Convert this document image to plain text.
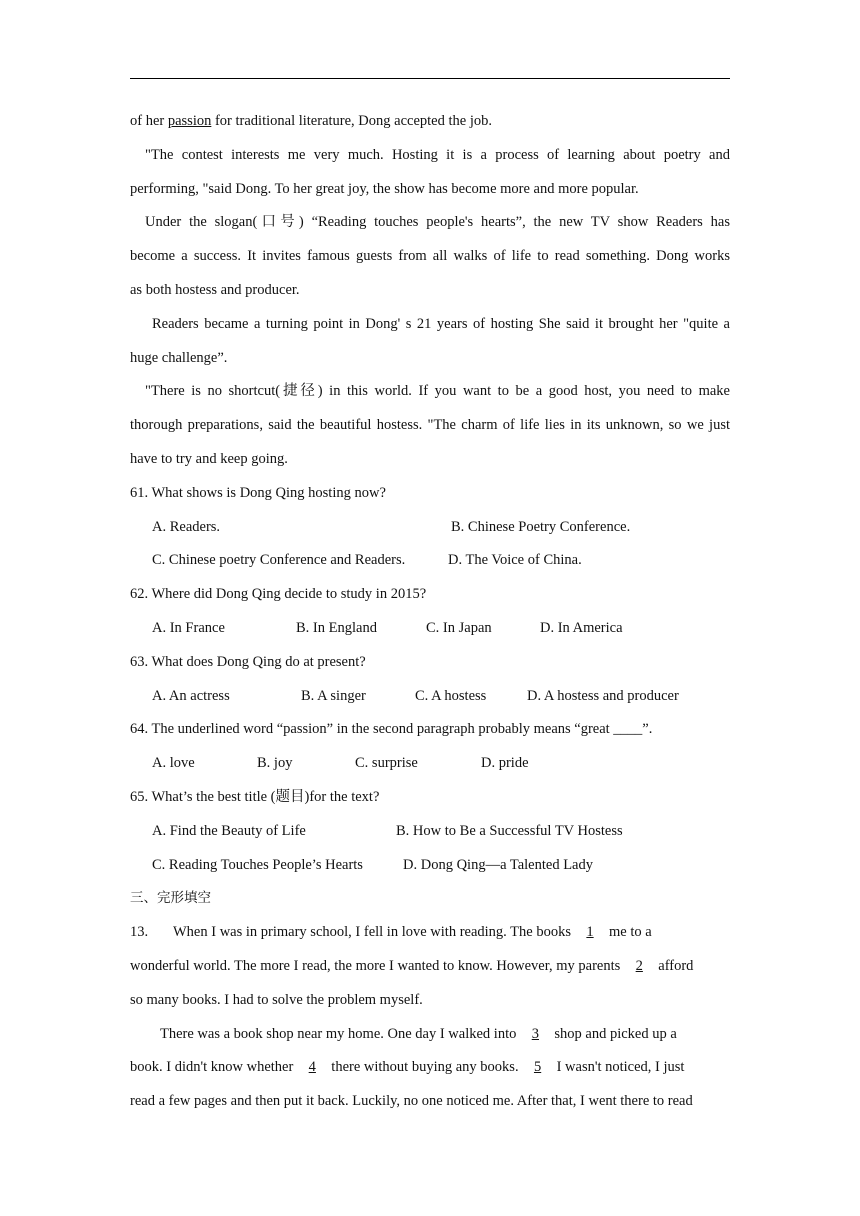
of her passion for traditional literature, Dong accepted the job.
"The contest interests me very much. Hosting it is a process of learning about poetry and
performing, "said Dong. To her great joy, the show has become more and more popular.
Under the slogan(口号) “Reading touches people's hearts”, the new TV show Readers has
become a success. It invites famous guests from all walks of life to read something. Dong works
as both hostess and producer.
Readers became a turning point in Dong' s 21 years of hosting She said it brought her "quite a
huge challenge”.
"There is no shortcut(捷径) in this world. If you want to be a good host, you need to make
thorough preparations, said the beautiful hostess. "The charm of life lies in its unknown, so we just
have to try and keep going.
61. What shows is Dong Qing hosting now?
A. Readers.	B. Chinese Poetry Conference.
C. Chinese poetry Conference and Readers.	D. The Voice of China.
62. Where did Dong Qing decide to study in 2015?
A. In France	B. In England	C. In Japan	D. In America
63. What does Dong Qing do at present?
A. An actress	B. A singer	C. A hostess	D. A hostess and producer
64. The underlined word “passion” in the second paragraph probably means “great ____”.
A. love	B. joy	C. surprise	D. pride
65. What’s the best title (题目)for the text?
A. Find the Beauty of Life	B. How to Be a Successful TV Hostess
C. Reading Touches People’s Hearts	D. Dong Qing—a Talented Lady
三、完形填空
13. When I was in primary school, I fell in love with reading. The books 1 me to a
wonderful world. The more I read, the more I wanted to know. However, my parents 2 afford
so many books. I had to solve the problem myself.
There was a book shop near my home. One day I walked into 3 shop and picked up a
book. I didn't know whether 4 there without buying any books. 5 I wasn't noticed, I just
read a few pages and then put it back. Luckily, no one noticed me. After that, I went there to read
